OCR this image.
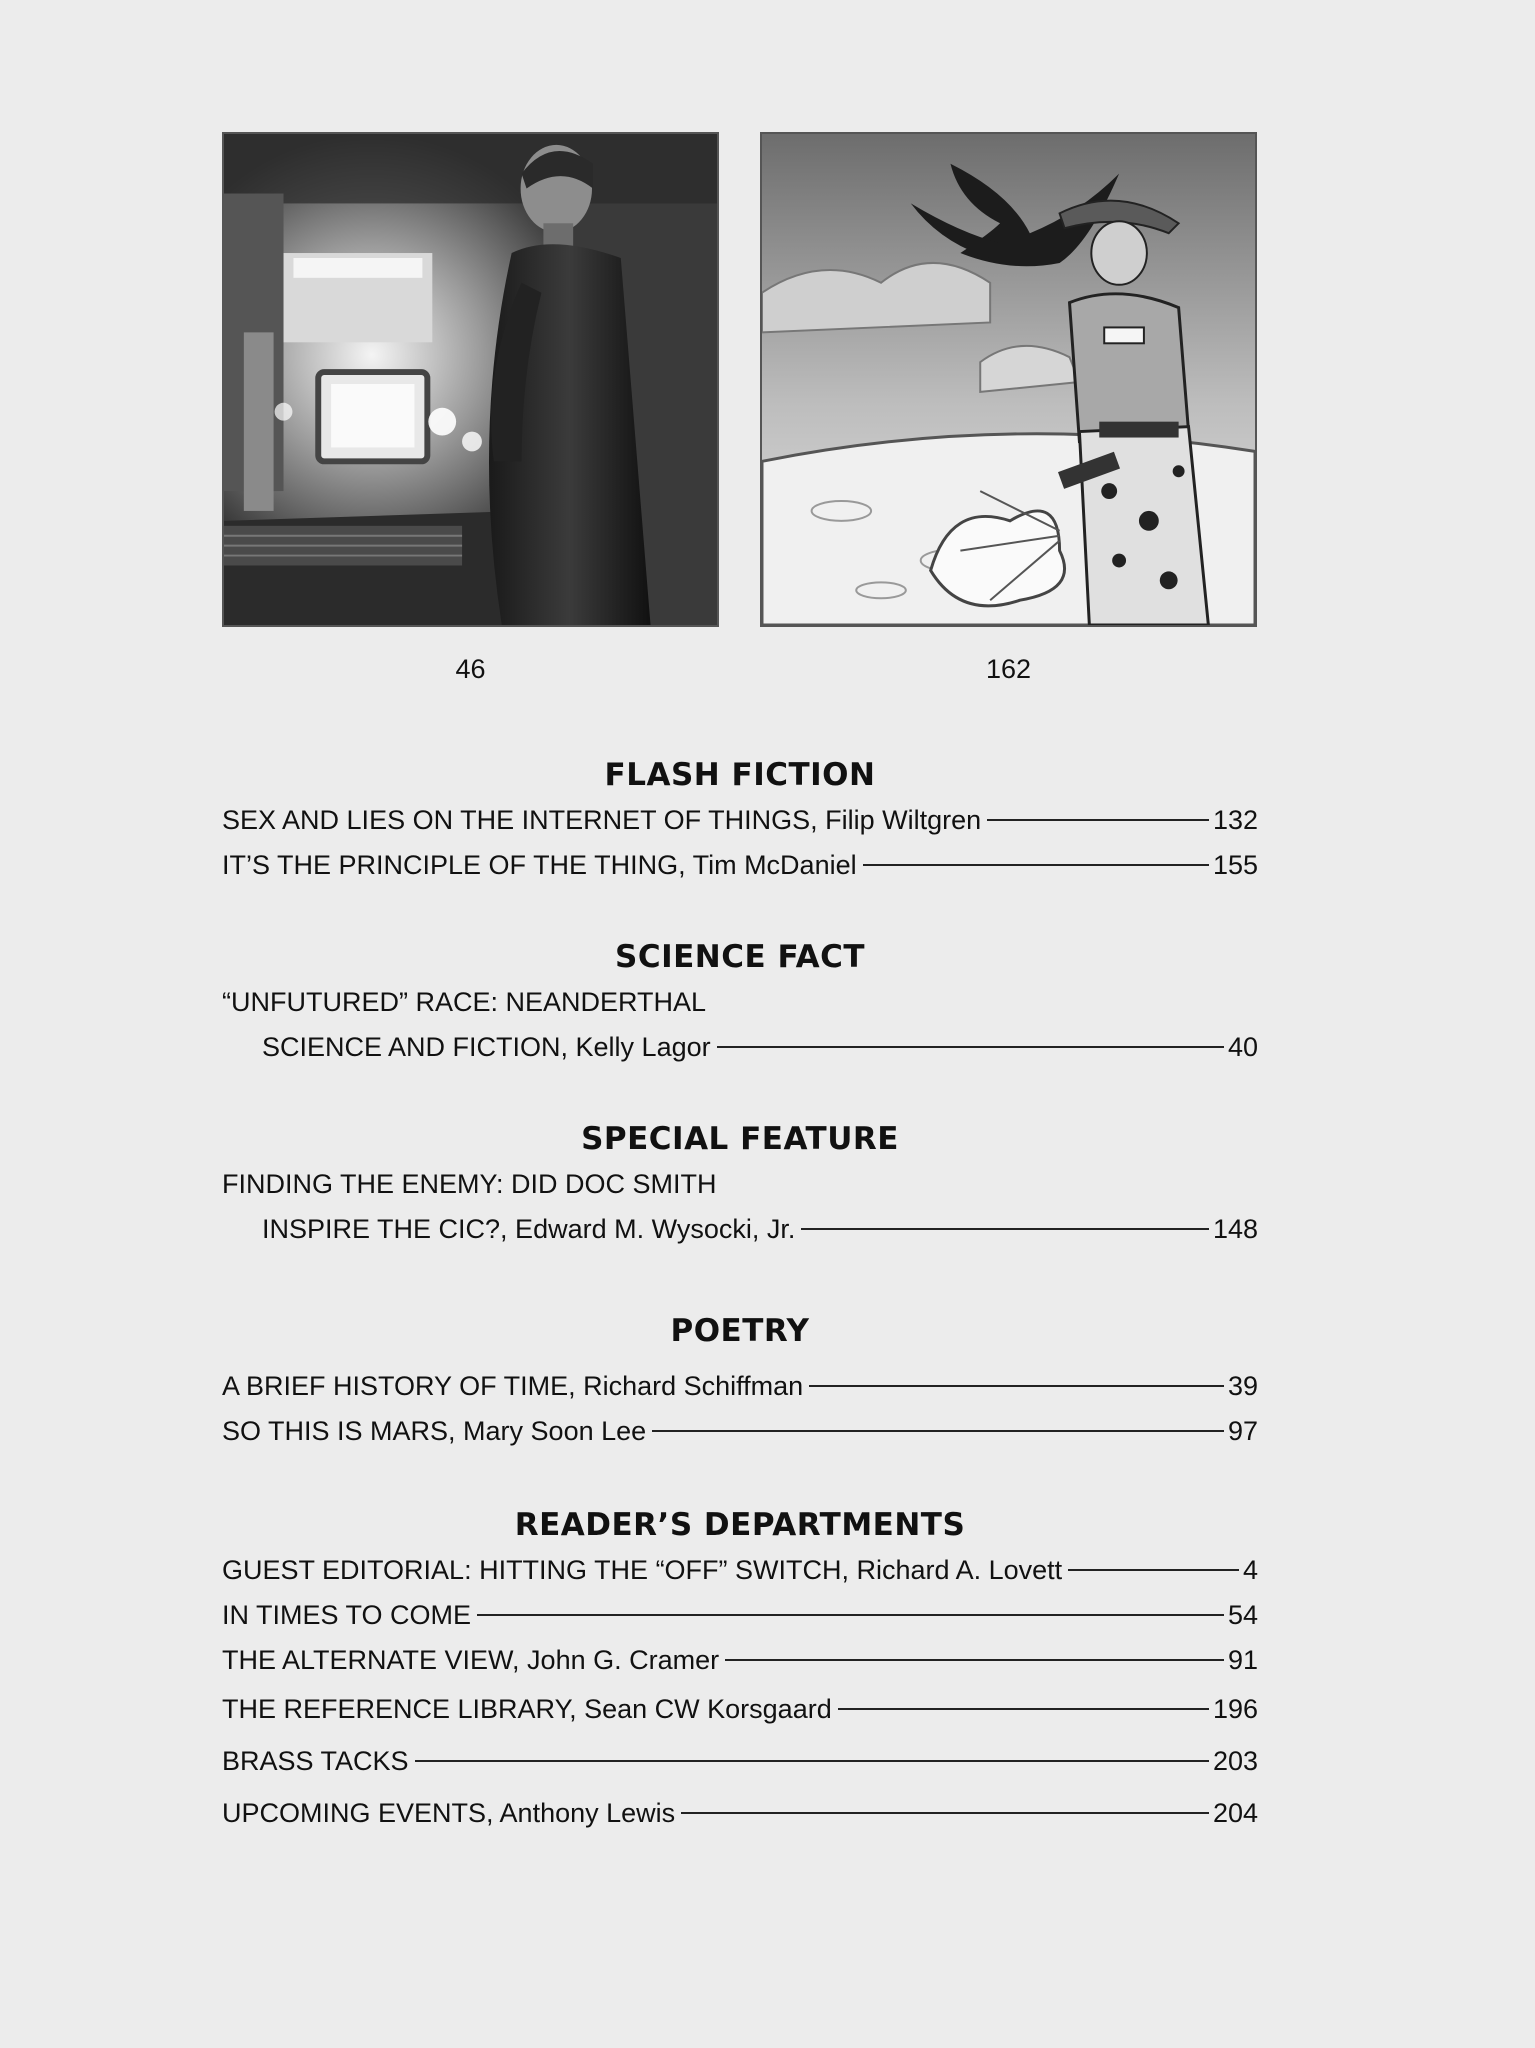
46	162
FLASH FICTION
SEX AND LIES ON THE INTERNET OF THINGS, Filip Wiltgren	132
IT’S THE PRINCIPLE OF THE THING, Tim McDaniel	155
SCIENCE FACT
“UNFUTURED” RACE: NEANDERTHAL
SCIENCE AND FICTION, Kelly Lagor	40
SPECIAL FEATURE
FINDING THE ENEMY: DID DOC SMITH
INSPIRE THE CIC?, Edward M. Wysocki, Jr.	148
POETRY
A BRIEF HISTORY OF TIME, Richard Schiffman	39
SO THIS IS MARS, Mary Soon Lee	97
READER’S DEPARTMENTS
GUEST EDITORIAL: HITTING THE “OFF” SWITCH, Richard A. Lovett	4
IN TIMES TO COME	54
THE ALTERNATE VIEW, John G. Cramer	91
THE REFERENCE LIBRARY, Sean CW Korsgaard	196
BRASS TACKS	203
UPCOMING EVENTS, Anthony Lewis	204
